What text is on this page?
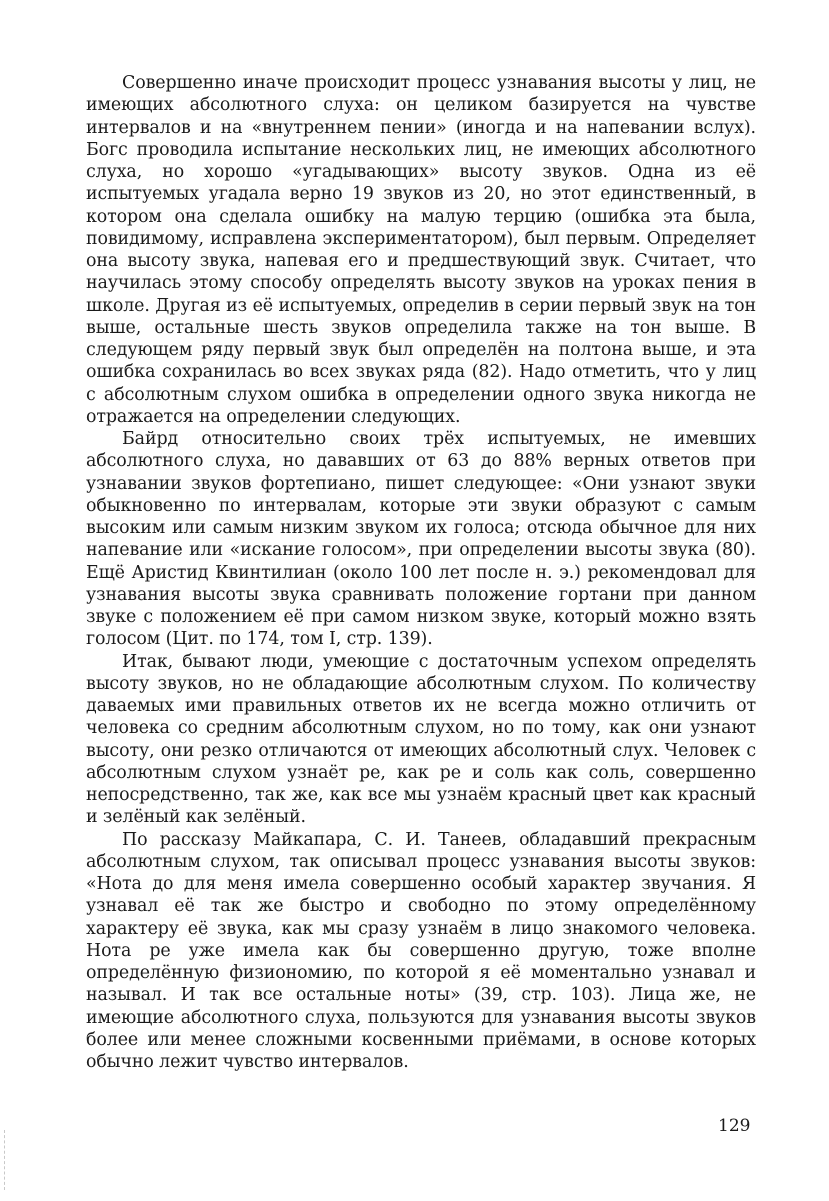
Совершенно иначе происходит процесс узнавания высоты у лиц, не имеющих абсолютного слуха: он целиком базируется на чувстве интервалов и на «внутреннем пении» (иногда и на напевании вслух). Богс проводила испытание нескольких лиц, не имеющих абсолютного слуха, но хорошо «угадывающих» высоту звуков. Одна из её испытуемых угадала верно 19 звуков из 20, но этот единственный, в котором она сделала ошибку на малую терцию (ошибка эта была, повидимому, исправлена экспериментатором), был первым. Определяет она высоту звука, напевая его и предшествующий звук. Считает, что научилась этому способу определять высоту звуков на уроках пения в школе. Другая из её испытуемых, определив в серии первый звук на тон выше, остальные шесть звуков определила также на тон выше. В следующем ряду первый звук был определён на полтона выше, и эта ошибка сохранилась во всех звуках ряда (82). Надо отметить, что у лиц с абсолютным слухом ошибка в определении одного звука никогда не отражается на определении следующих.

Байрд относительно своих трёх испытуемых, не имевших абсолютного слуха, но дававших от 63 до 88% верных ответов при узнавании звуков фортепиано, пишет следующее: «Они узнают звуки обыкновенно по интервалам, которые эти звуки образуют с самым высоким или самым низким звуком их голоса; отсюда обычное для них напевание или «искание голосом», при определении высоты звука (80). Ещё Аристид Квинтилиан (около 100 лет после н. э.) рекомендовал для узнавания высоты звука сравнивать положение гортани при данном звуке с положением её при самом низком звуке, который можно взять голосом (Цит. по 174, том I, стр. 139).

Итак, бывают люди, умеющие с достаточным успехом определять высоту звуков, но не обладающие абсолютным слухом. По количеству даваемых ими правильных ответов их не всегда можно отличить от человека со средним абсолютным слухом, но по тому, как они узнают высоту, они резко отличаются от имеющих абсолютный слух. Человек с абсолютным слухом узнаёт ре, как ре и соль как соль, совершенно непосредственно, так же, как все мы узнаём красный цвет как красный и зелёный как зелёный.

По рассказу Майкапара, С. И. Танеев, обладавший прекрасным абсолютным слухом, так описывал процесс узнавания высоты звуков: «Нота до для меня имела совершенно особый характер звучания. Я узнавал её так же быстро и свободно по этому определённому характеру её звука, как мы сразу узнаём в лицо знакомого человека. Нота ре уже имела как бы совершенно другую, тоже вполне определённую физиономию, по которой я её моментально узнавал и называл. И так все остальные ноты» (39, стр. 103). Лица же, не имеющие абсолютного слуха, пользуются для узнавания высоты звуков более или менее сложными косвенными приёмами, в основе которых обычно лежит чувство интервалов.

129
